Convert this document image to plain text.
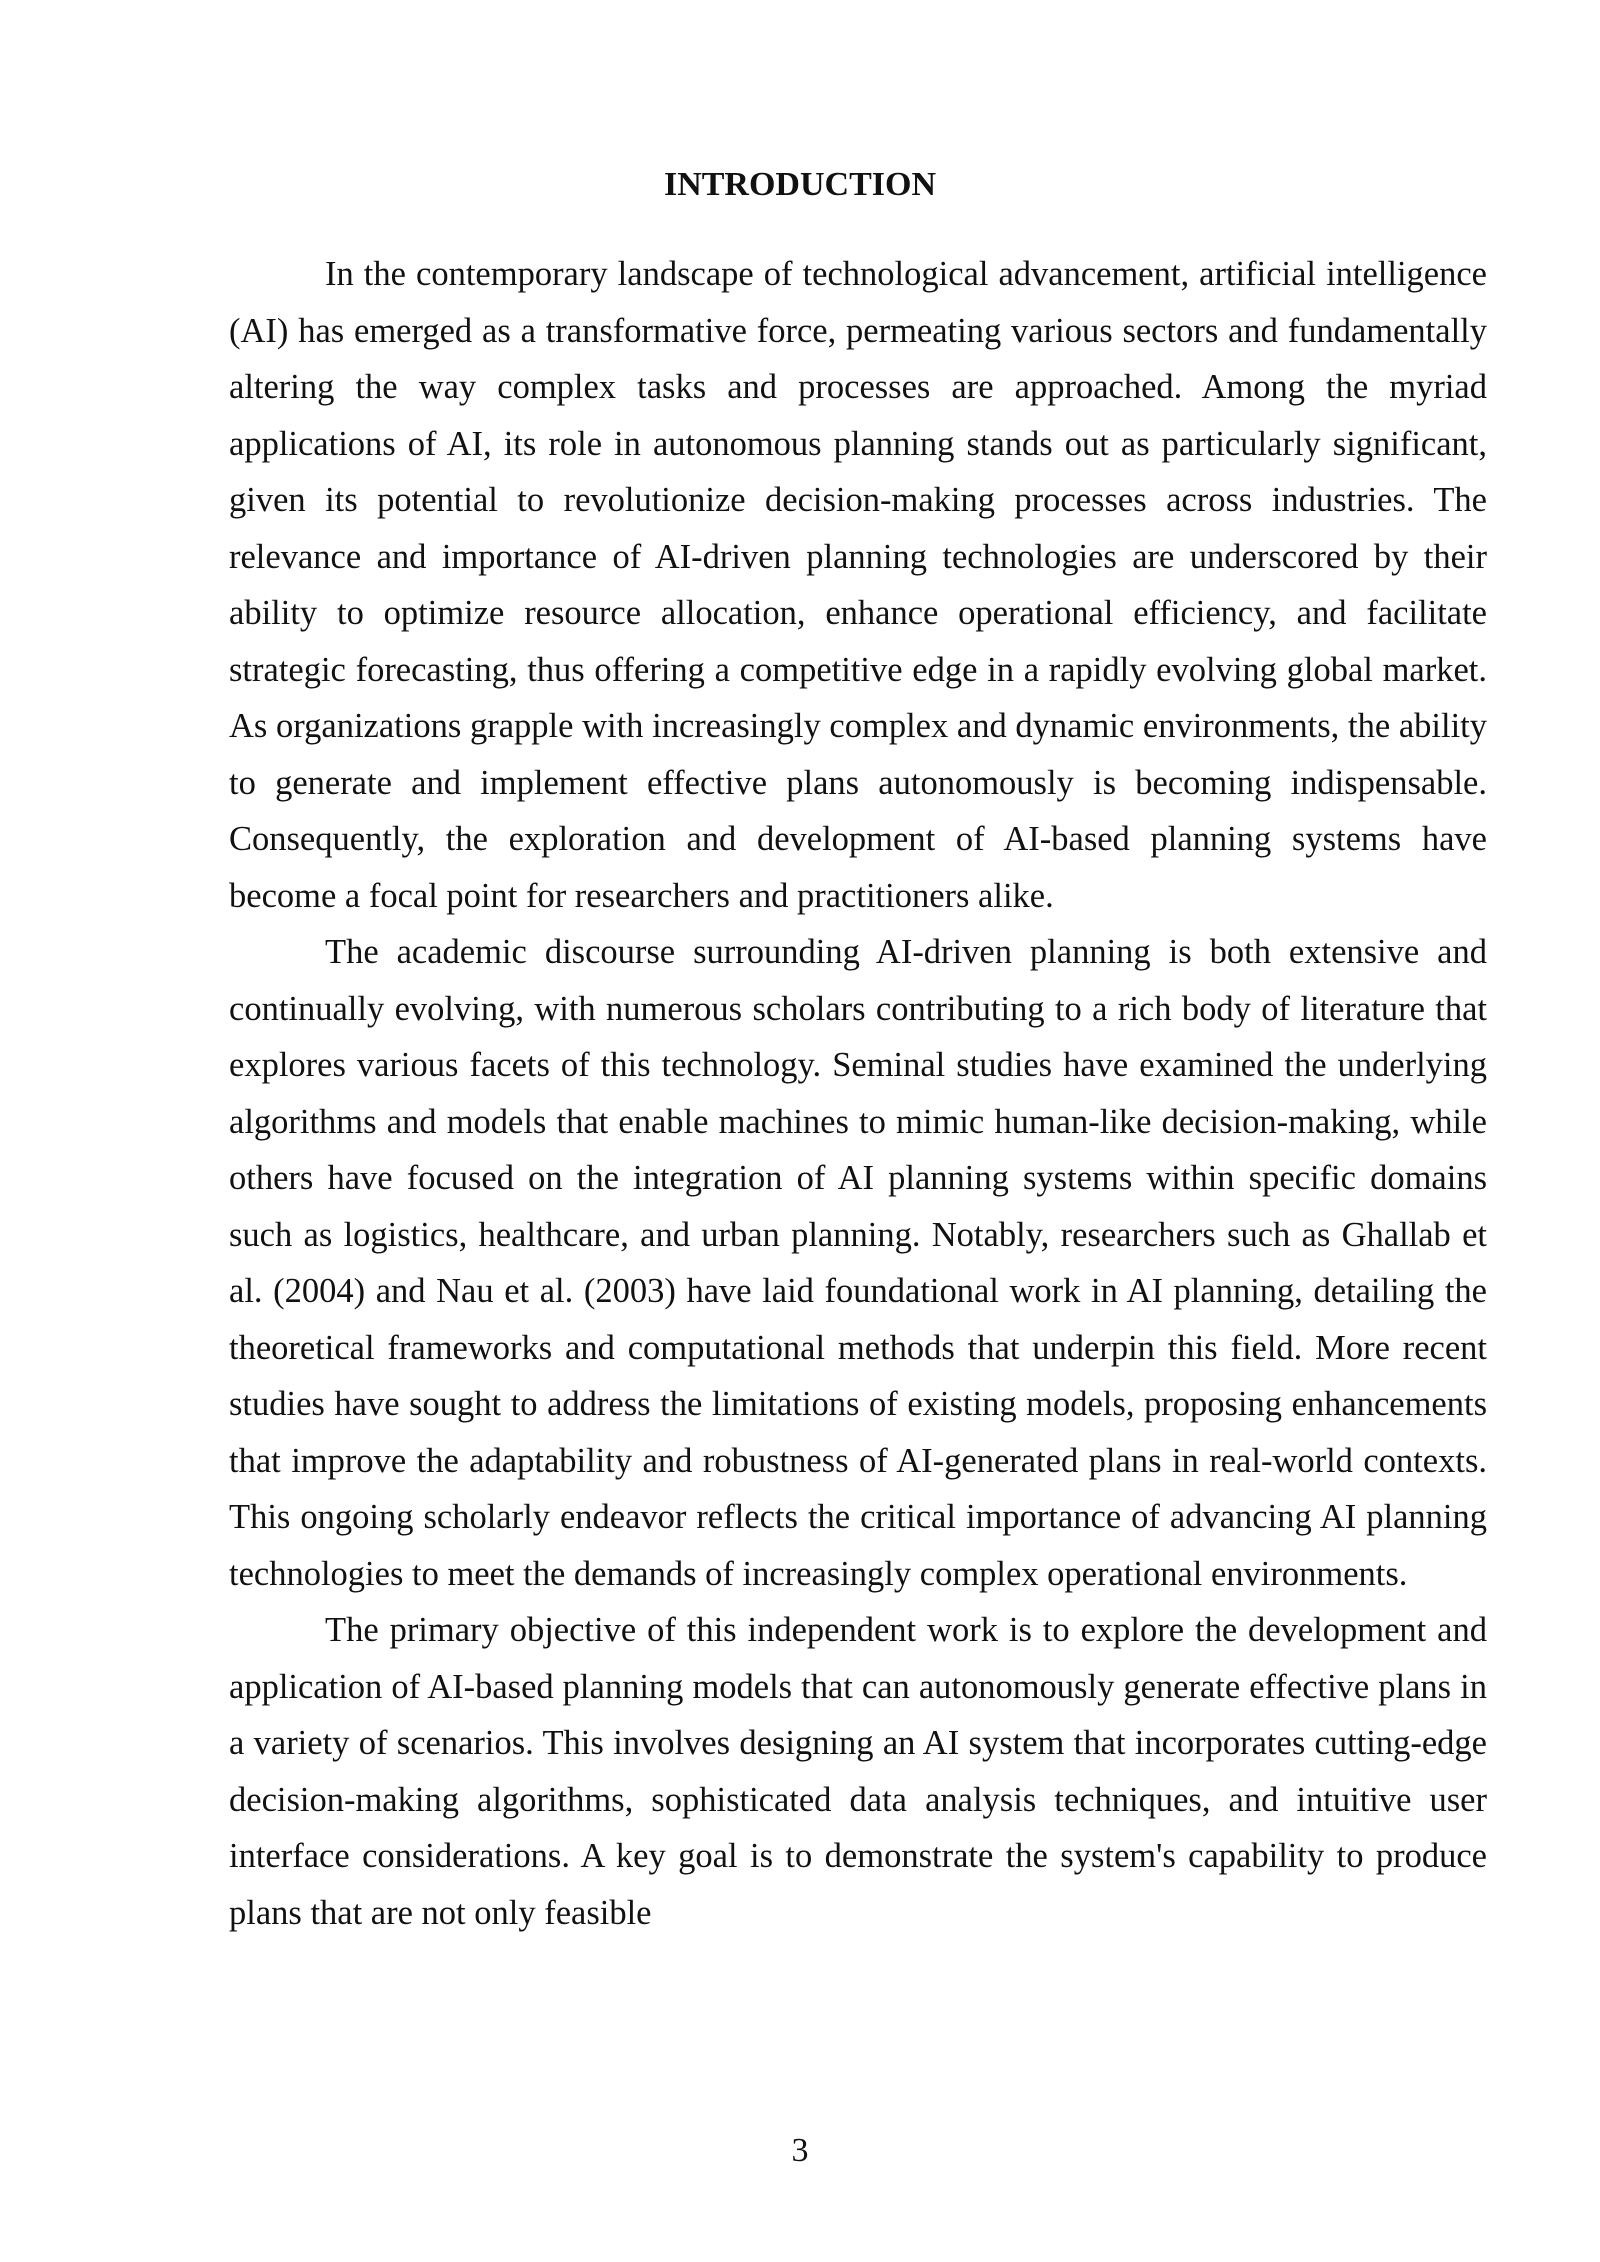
INTRODUCTION

In the contemporary landscape of technological advancement, artificial intelligence (AI) has emerged as a transformative force, permeating various sectors and fundamentally altering the way complex tasks and processes are approached. Among the myriad applications of AI, its role in autonomous planning stands out as particularly significant, given its potential to revolutionize decision-making processes across industries. The relevance and importance of AI-driven planning technologies are underscored by their ability to optimize resource allocation, enhance operational efficiency, and facilitate strategic forecasting, thus offering a competitive edge in a rapidly evolving global market. As organizations grapple with increasingly complex and dynamic environments, the ability to generate and implement effective plans autonomously is becoming indispensable. Consequently, the exploration and development of AI-based planning systems have become a focal point for researchers and practitioners alike.

The academic discourse surrounding AI-driven planning is both extensive and continually evolving, with numerous scholars contributing to a rich body of literature that explores various facets of this technology. Seminal studies have examined the underlying algorithms and models that enable machines to mimic human-like decision-making, while others have focused on the integration of AI planning systems within specific domains such as logistics, healthcare, and urban planning. Notably, researchers such as Ghallab et al. (2004) and Nau et al. (2003) have laid foundational work in AI planning, detailing the theoretical frameworks and computational methods that underpin this field. More recent studies have sought to address the limitations of existing models, proposing enhancements that improve the adaptability and robustness of AI-generated plans in real-world contexts. This ongoing scholarly endeavor reflects the critical importance of advancing AI planning technologies to meet the demands of increasingly complex operational environments.

The primary objective of this independent work is to explore the development and application of AI-based planning models that can autonomously generate effective plans in a variety of scenarios. This involves designing an AI system that incorporates cutting-edge decision-making algorithms, sophisticated data analysis techniques, and intuitive user interface considerations. A key goal is to demonstrate the system's capability to produce plans that are not only feasible

3
